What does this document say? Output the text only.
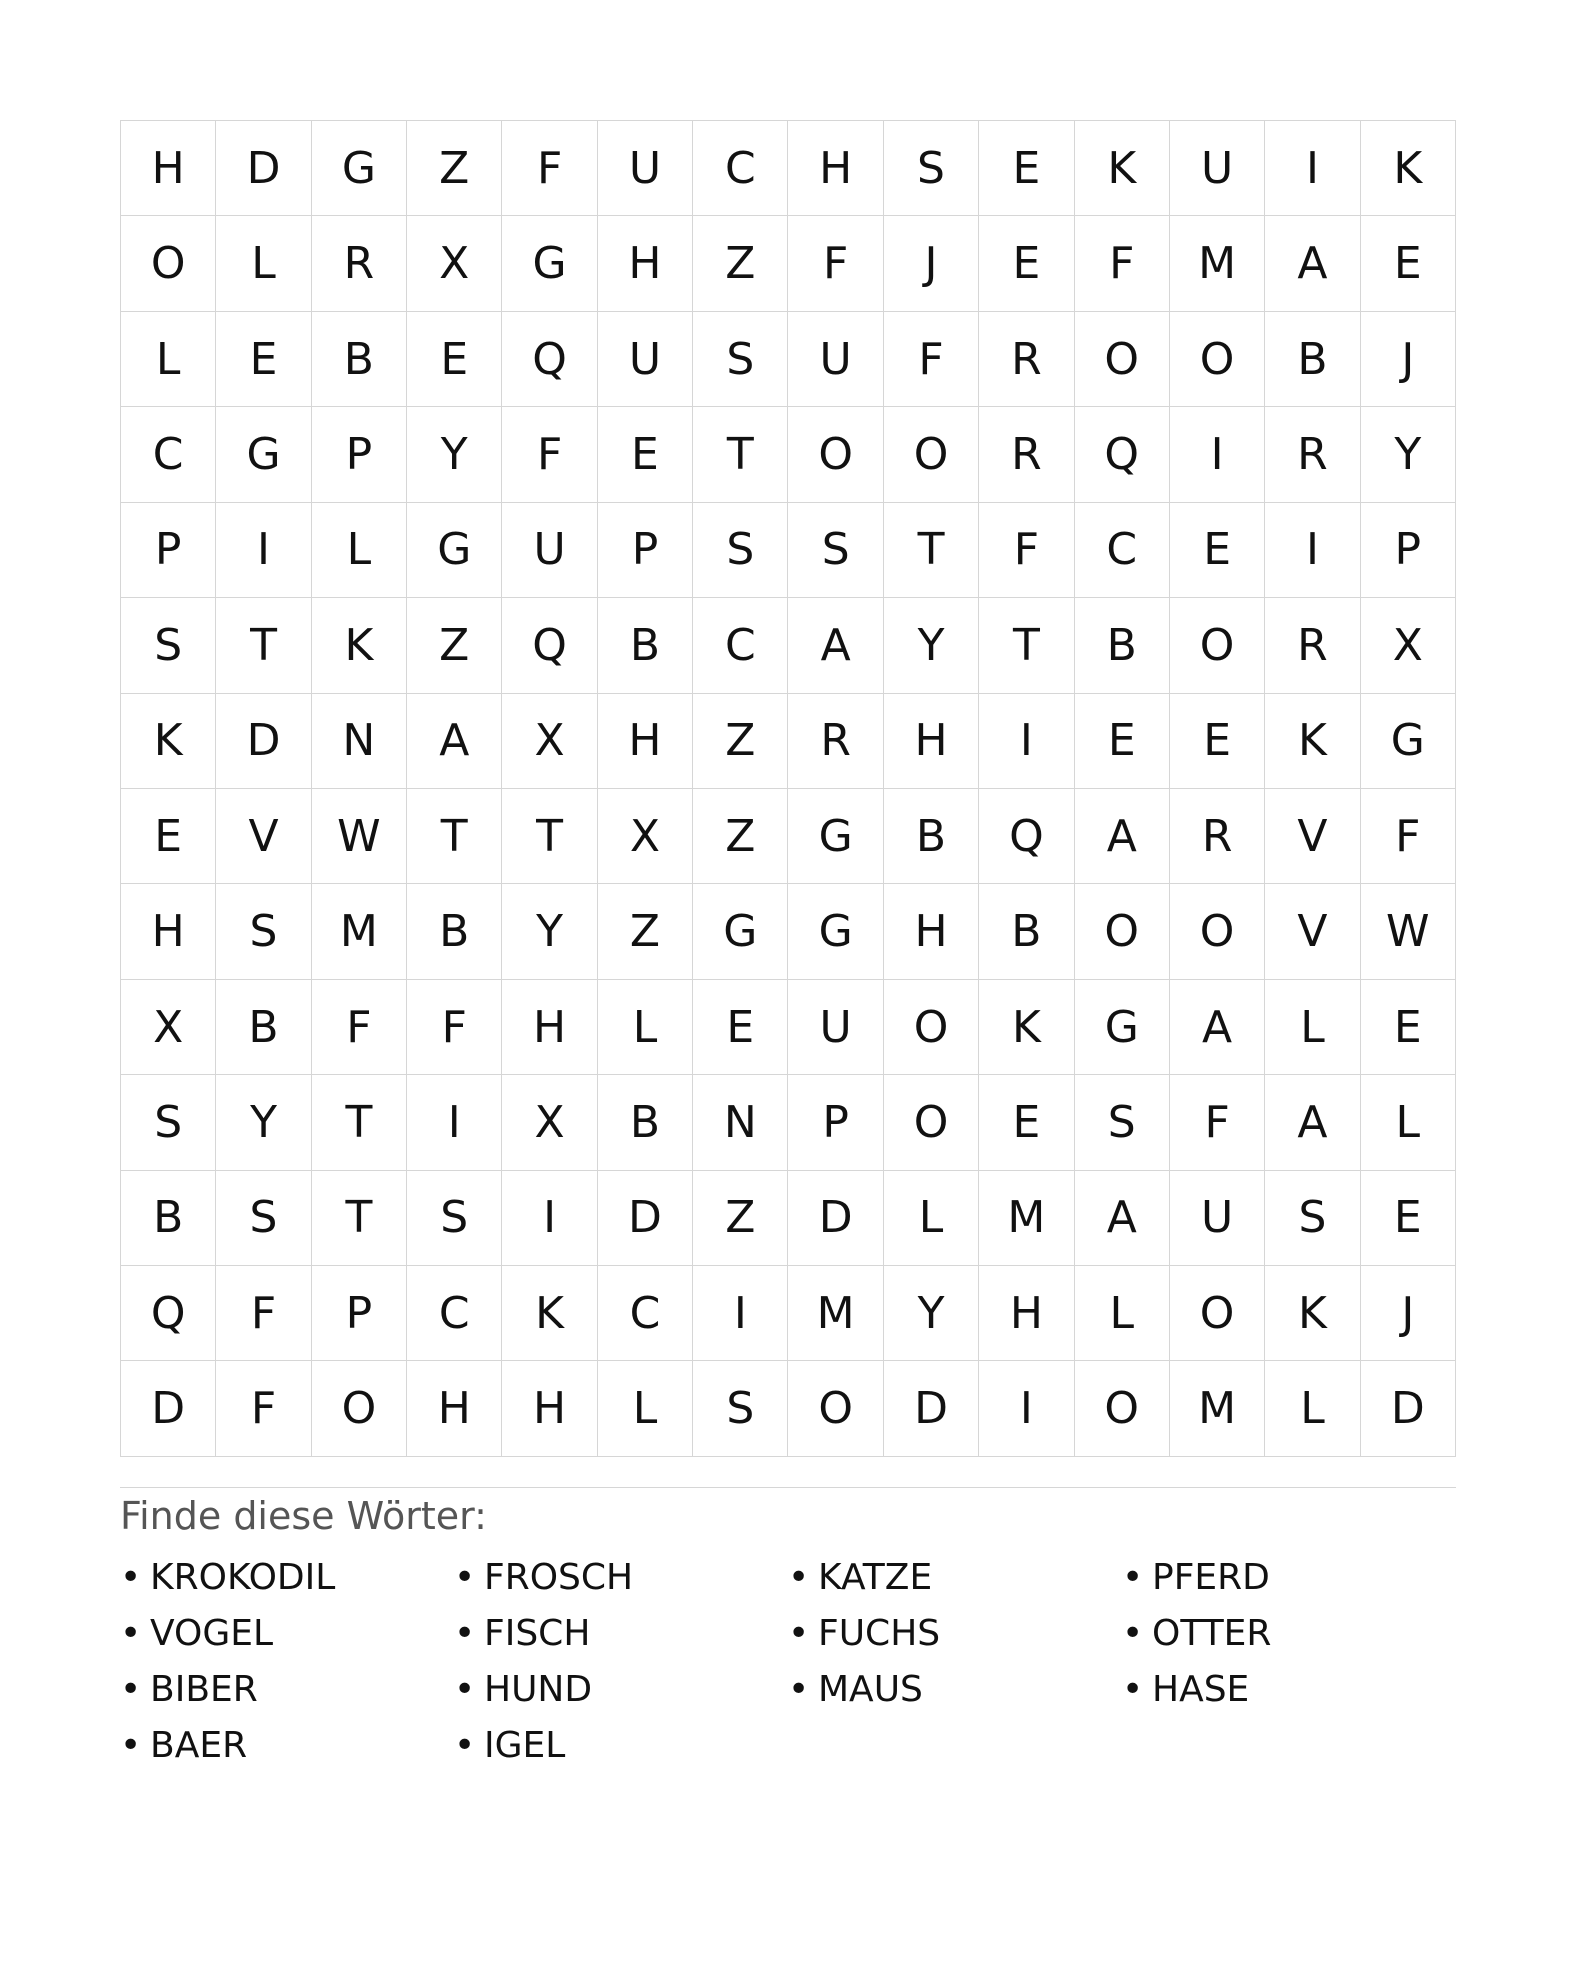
H	D	G	Z	F	U	C	H	S	E	K	U	I	K
O	L	R	X	G	H	Z	F	J	E	F	M	A	E
L	E	B	E	Q	U	S	U	F	R	O	O	B	J
C	G	P	Y	F	E	T	O	O	R	Q	I	R	Y
P	I	L	G	U	P	S	S	T	F	C	E	I	P
S	T	K	Z	Q	B	C	A	Y	T	B	O	R	X
K	D	N	A	X	H	Z	R	H	I	E	E	K	G
E	V	W	T	T	X	Z	G	B	Q	A	R	V	F
H	S	M	B	Y	Z	G	G	H	B	O	O	V	W
X	B	F	F	H	L	E	U	O	K	G	A	L	E
S	Y	T	I	X	B	N	P	O	E	S	F	A	L
B	S	T	S	I	D	Z	D	L	M	A	U	S	E
Q	F	P	C	K	C	I	M	Y	H	L	O	K	J
D	F	O	H	H	L	S	O	D	I	O	M	L	D
Finde diese Wörter:
• KROKODIL
• VOGEL
• BIBER
• BAER
• FROSCH
• FISCH
• HUND
• IGEL
• KATZE
• FUCHS
• MAUS
• PFERD
• OTTER
• HASE
